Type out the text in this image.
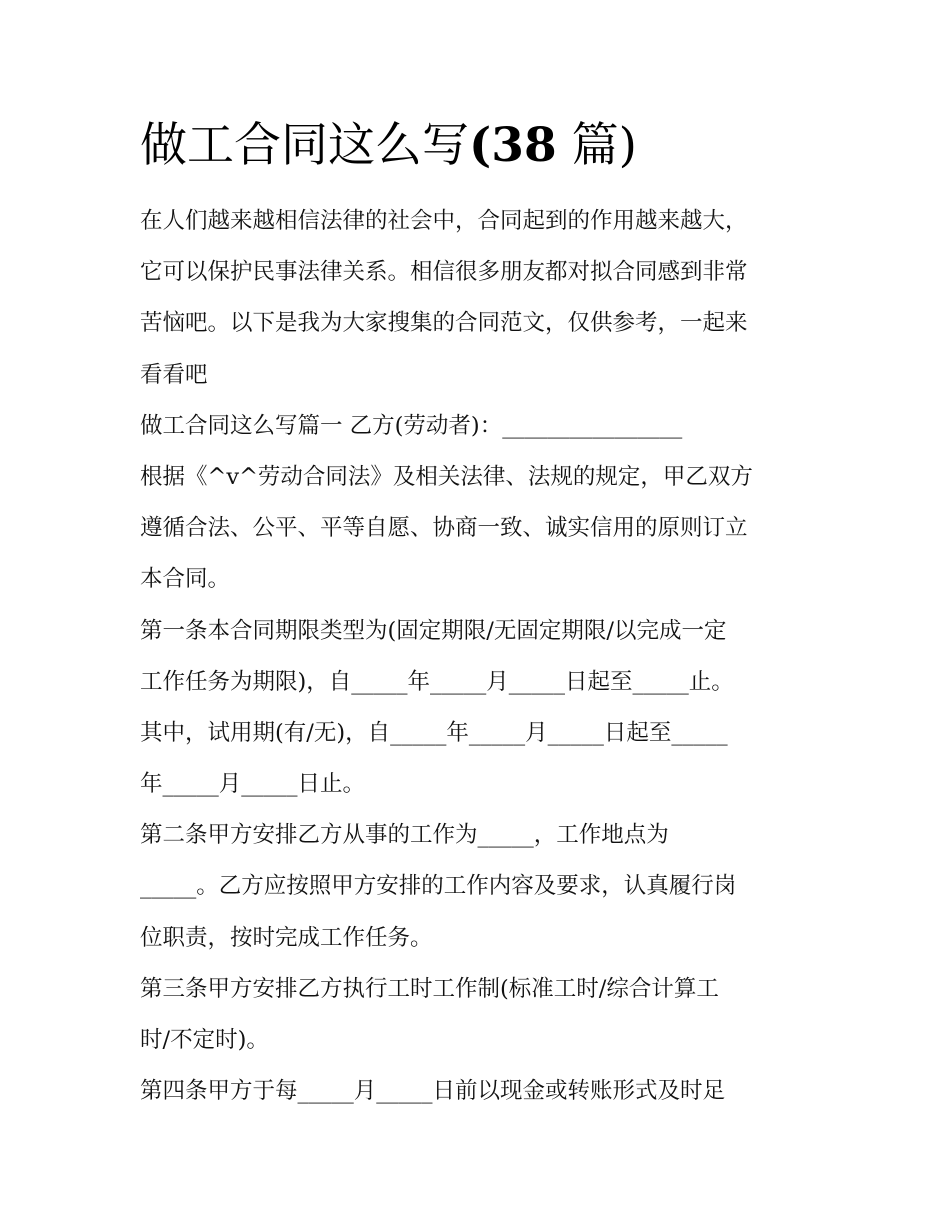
做工合同这么写(38 篇)
在人们越来越相信法律的社会中，合同起到的作用越来越大，
它可以保护民事法律关系。相信很多朋友都对拟合同感到非常
苦恼吧。以下是我为大家搜集的合同范文，仅供参考，一起来
看看吧
做工合同这么写篇一 乙方(劳动者)：________________
根据《^v^劳动合同法》及相关法律、法规的规定，甲乙双方
遵循合法、公平、平等自愿、协商一致、诚实信用的原则订立
本合同。
第一条本合同期限类型为(固定期限/无固定期限/以完成一定
工作任务为期限)，自_____年_____月_____日起至_____止。
其中，试用期(有/无)，自_____年_____月_____日起至_____
年_____月_____日止。
第二条甲方安排乙方从事的工作为_____，工作地点为
_____。乙方应按照甲方安排的工作内容及要求，认真履行岗
位职责，按时完成工作任务。
第三条甲方安排乙方执行工时工作制(标准工时/综合计算工
时/不定时)。
第四条甲方于每_____月_____日前以现金或转账形式及时足
